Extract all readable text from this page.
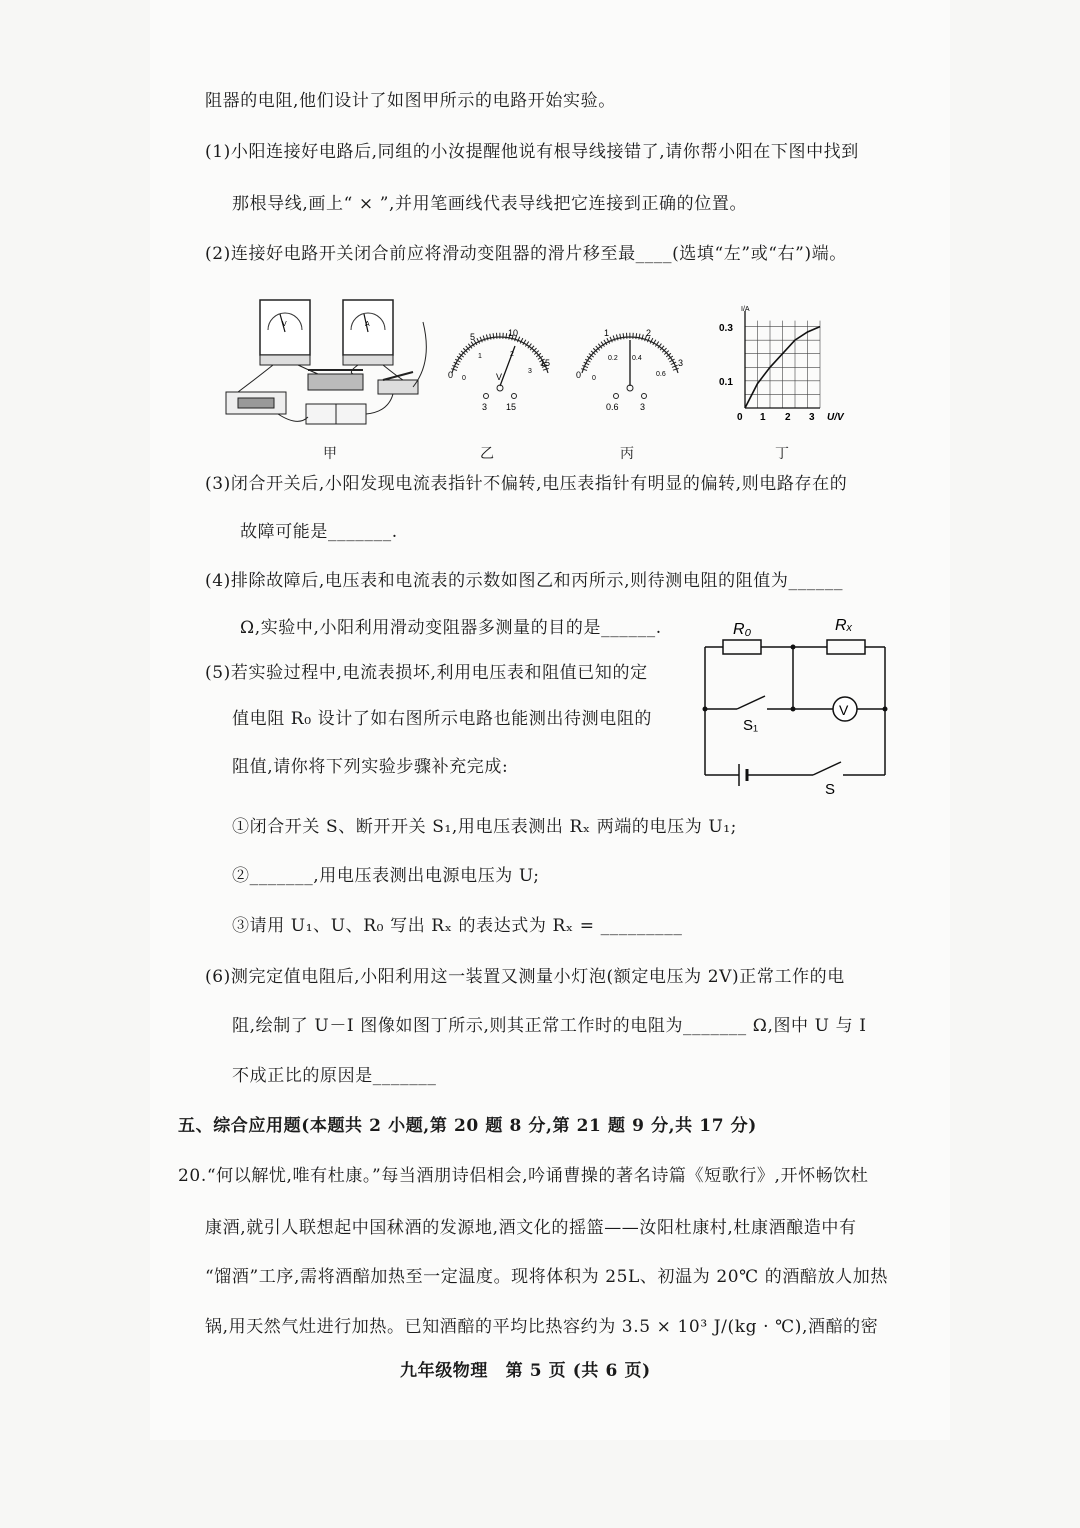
阻器的电阻,他们设计了如图甲所示的电路开始实验。
(1)小阳连接好电路后,同组的小汝提醒他说有根导线接错了,请你帮小阳在下图中找到
那根导线,画上“ × ”,并用笔画线代表导线把它连接到正确的位置。
(2)连接好电路开关闭合前应将滑动变阻器的滑片移至最____(选填“左”或“右”)端。
V	A
甲
0
5	10
15
0
1	2
3
V
3 15
乙
0
1	2
3
0
0.2 0.4
0.6
0.6 3
丙
I/A
U/V
0.1
0.3
0 1 2 3
丁
(3)闭合开关后,小阳发现电流表指针不偏转,电压表指针有明显的偏转,则电路存在的
故障可能是_______.
(4)排除故障后,电压表和电流表的示数如图乙和丙所示,则待测电阻的阻值为______
Ω,实验中,小阳利用滑动变阻器多测量的目的是______.
(5)若实验过程中,电流表损坏,利用电压表和阻值已知的定
值电阻 R₀ 设计了如右图所示电路也能测出待测电阻的
阻值,请你将下列实验步骤补充完成:
R₀	Rₓ
S₁
S
V
①闭合开关 S、断开开关 S₁,用电压表测出 Rₓ 两端的电压为 U₁;
②_______,用电压表测出电源电压为 U;
③请用 U₁、U、R₀ 写出 Rₓ 的表达式为 Rₓ = _________
(6)测完定值电阻后,小阳利用这一装置又测量小灯泡(额定电压为 2V)正常工作的电
阻,绘制了 U－I 图像如图丁所示,则其正常工作时的电阻为_______ Ω,图中 U 与 I
不成正比的原因是_______
五、综合应用题(本题共 2 小题,第 20 题 8 分,第 21 题 9 分,共 17 分)
20.“何以解忧,唯有杜康。”每当酒朋诗侣相会,吟诵曹操的著名诗篇《短歌行》,开怀畅饮杜
康酒,就引人联想起中国秫酒的发源地,酒文化的摇篮——汝阳杜康村,杜康酒酿造中有
“馏酒”工序,需将酒醅加热至一定温度。现将体积为 25L、初温为 20℃ 的酒醅放人加热
锅,用天然气灶进行加热。已知酒醅的平均比热容约为 3.5 × 10³ J/(kg · ℃),酒醅的密
九年级物理　第 5 页 (共 6 页)
